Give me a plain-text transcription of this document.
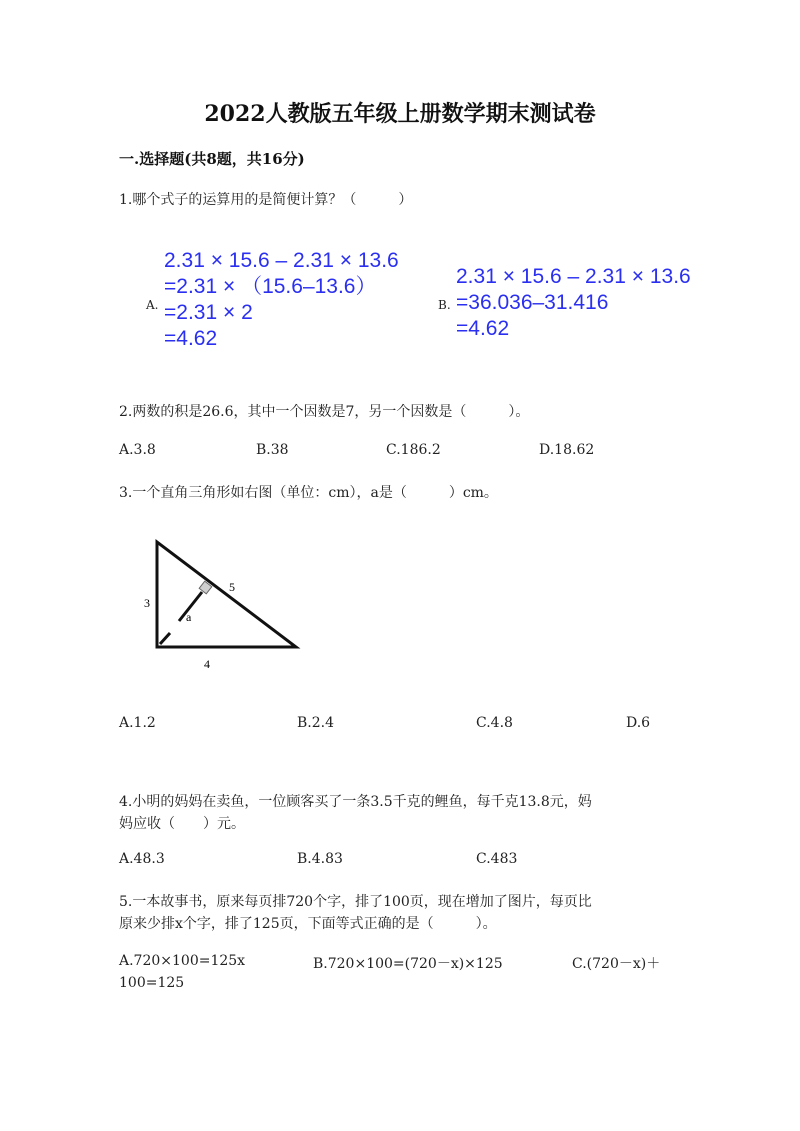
2022人教版五年级上册数学期末测试卷
一.选择题(共8题，共16分)
1.哪个式子的运算用的是简便计算？（　　　）
A.
2.31 × 15.6 – 2.31 × 13.6
=2.31 × （15.6–13.6）
=2.31 × 2
=4.62
B.
2.31 × 15.6 – 2.31 × 13.6
=36.036–31.416
=4.62
2.两数的积是26.6，其中一个因数是7，另一个因数是（　　　）。
A.3.8	B.38	C.186.2	D.18.62
3.一个直角三角形如右图（单位：cm），a是（　　　）cm。
3
5
a
4
A.1.2	B.2.4	C.4.8	D.6
4.小明的妈妈在卖鱼，一位顾客买了一条3.5千克的鲤鱼，每千克13.8元，妈
妈应收（　　）元。
A.48.3	B.4.83	C.483
5.一本故事书，原来每页排720个字，排了100页，现在增加了图片，每页比
原来少排x个字，排了125页，下面等式正确的是（　　　）。
A.720×100=125x	B.720×100=(720－x)×125	C.(720－x)＋
100=125
